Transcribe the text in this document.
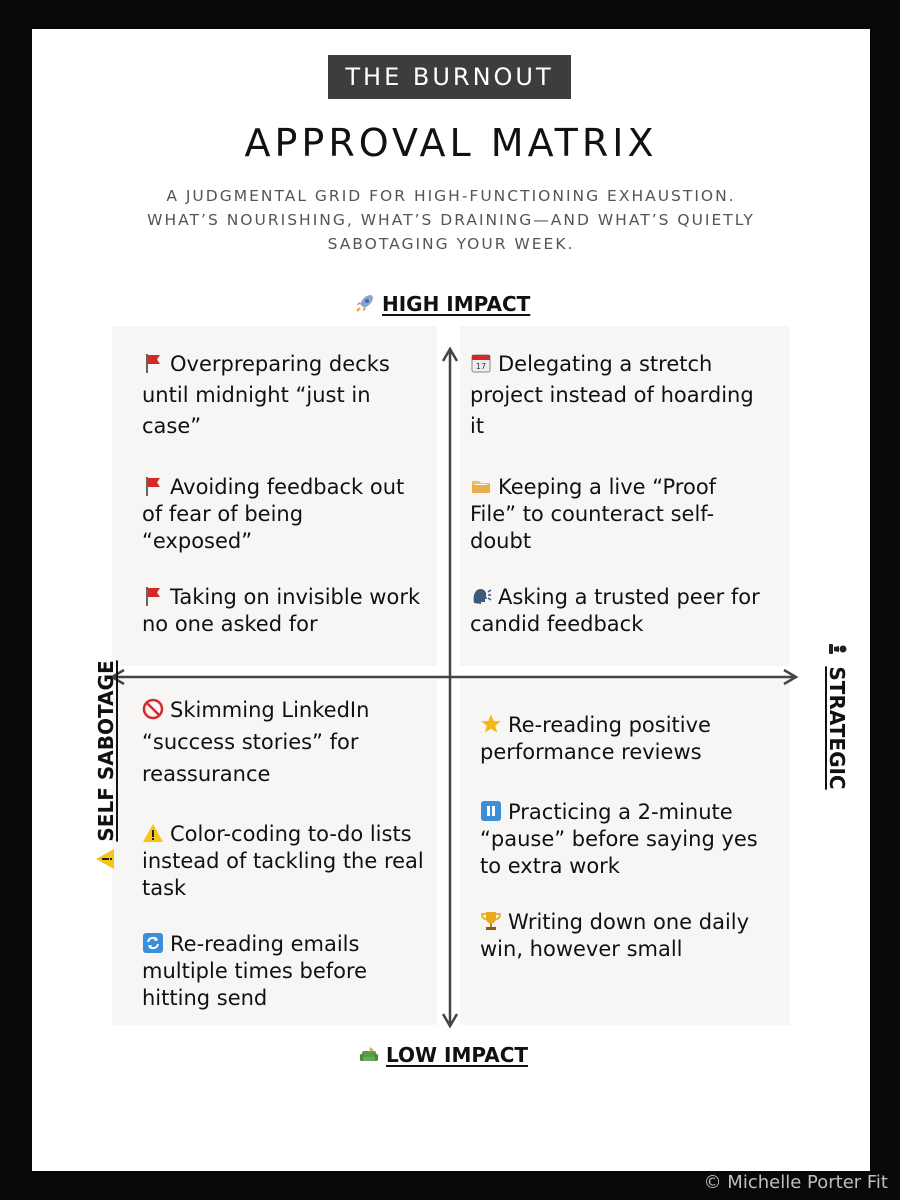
THE BURNOUT
APPROVAL MATRIX
A JUDGMENTAL GRID FOR HIGH-FUNCTIONING EXHAUSTION.
WHAT’S NOURISHING, WHAT’S DRAINING—AND WHAT’S QUIETLY
SABOTAGING YOUR WEEK.
HIGH IMPACT
LOW IMPACT
SELF SABOTAGE	STRATEGIC
Overpreparing decks until midnight “just in case”
Avoiding feedback out of fear of being “exposed”
Taking on invisible work no one asked for
17 Delegating a stretch project instead of hoarding it
Keeping a live “Proof File” to counteract self-doubt
Asking a trusted peer for candid feedback
Skimming LinkedIn “success stories” for reassurance
Color-coding to-do lists instead of tackling the real task
Re-reading emails multiple times before hitting send
Re-reading positive performance reviews
Practicing a 2-minute “pause” before saying yes to extra work
Writing down one daily win, however small
© Michelle Porter Fit
